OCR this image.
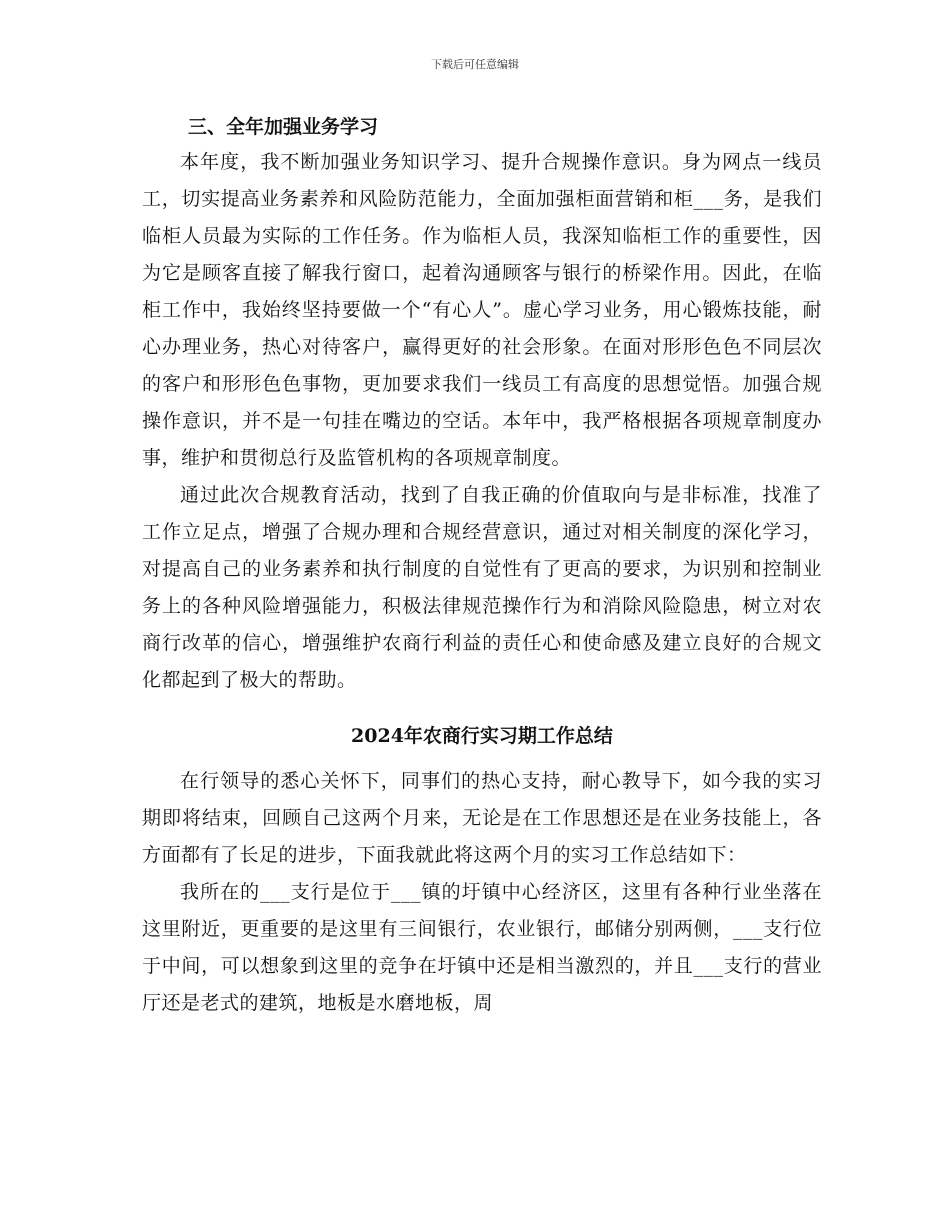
下载后可任意编辑

三、全年加强业务学习

本年度，我不断加强业务知识学习、提升合规操作意识。身为网点一线员工，切实提高业务素养和风险防范能力，全面加强柜面营销和柜___务，是我们临柜人员最为实际的工作任务。作为临柜人员，我深知临柜工作的重要性，因为它是顾客直接了解我行窗口，起着沟通顾客与银行的桥梁作用。因此，在临柜工作中，我始终坚持要做一个“有心人”。虚心学习业务，用心锻炼技能，耐心办理业务，热心对待客户，赢得更好的社会形象。在面对形形色色不同层次的客户和形形色色事物，更加要求我们一线员工有高度的思想觉悟。加强合规操作意识，并不是一句挂在嘴边的空话。本年中，我严格根据各项规章制度办事，维护和贯彻总行及监管机构的各项规章制度。

通过此次合规教育活动，找到了自我正确的价值取向与是非标准，找准了工作立足点，增强了合规办理和合规经营意识，通过对相关制度的深化学习，对提高自己的业务素养和执行制度的自觉性有了更高的要求，为识别和控制业务上的各种风险增强能力，积极法律规范操作行为和消除风险隐患，树立对农商行改革的信心，增强维护农商行利益的责任心和使命感及建立良好的合规文化都起到了极大的帮助。

2024年农商行实习期工作总结

在行领导的悉心关怀下，同事们的热心支持，耐心教导下，如今我的实习期即将结束，回顾自己这两个月来，无论是在工作思想还是在业务技能上，各方面都有了长足的进步，下面我就此将这两个月的实习工作总结如下：

我所在的___支行是位于___镇的圩镇中心经济区，这里有各种行业坐落在这里附近，更重要的是这里有三间银行，农业银行，邮储分别两侧，___支行位于中间，可以想象到这里的竞争在圩镇中还是相当激烈的，并且___支行的营业厅还是老式的建筑，地板是水磨地板，周
